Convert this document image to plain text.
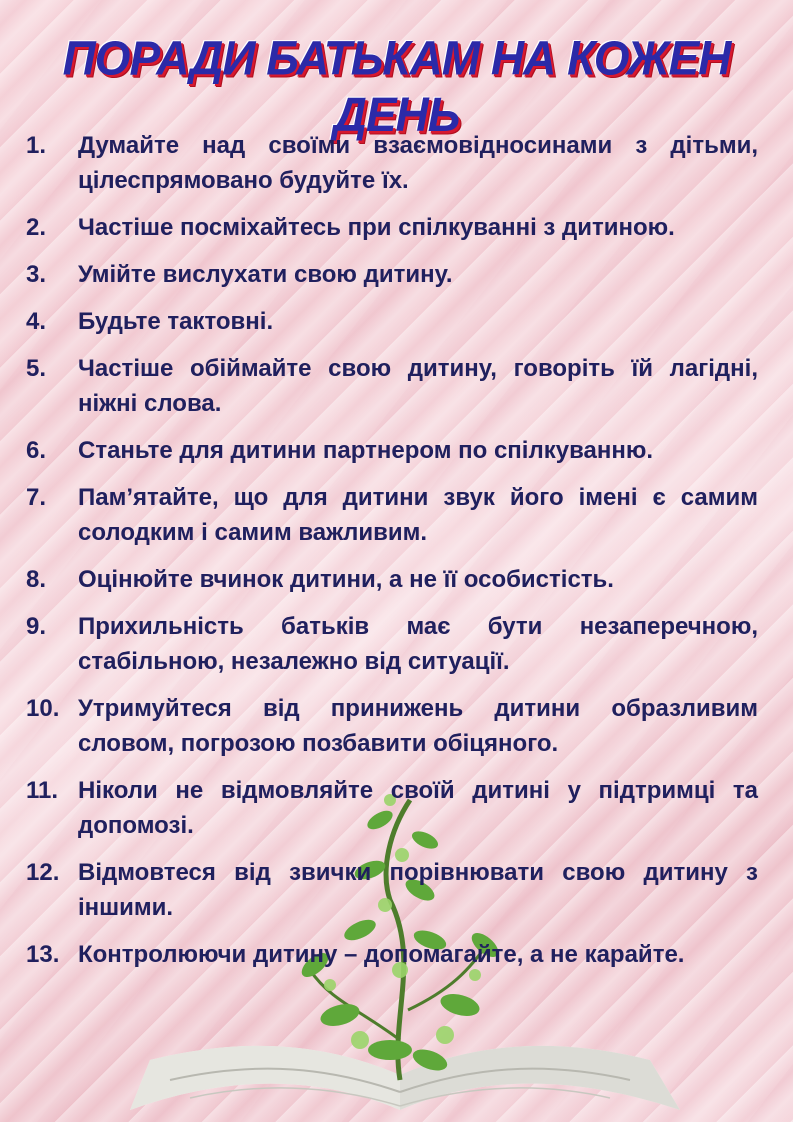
ПОРАДИ БАТЬКАМ НА КОЖЕН ДЕНЬ
1.	Думайте над своїми взаємовідносинами з дітьми, цілеспрямовано будуйте їх.
2.	Частіше посміхайтесь при спілкуванні з дитиною.
3.	Умійте вислухати свою дитину.
4.	Будьте тактовні.
5.	Частіше обіймайте свою дитину, говоріть їй лагідні, ніжні слова.
6.	Станьте для дитини партнером по спілкуванню.
7.	Пам’ятайте, що для дитини звук його імені є самим солодким і самим важливим.
8.	Оцінюйте вчинок дитини, а не її особистість.
9.	Прихильність батьків має бути незаперечною, стабільною, незалежно від ситуації.
10. Утримуйтеся від принижень дитини образливим словом, погрозою позбавити обіцяного.
11. Ніколи не відмовляйте своїй дитині у підтримці та допомозі.
12. Відмовтеся від звички порівнювати свою дитину з іншими.
13. Контролюючи дитину – допомагайте, а не карайте.
